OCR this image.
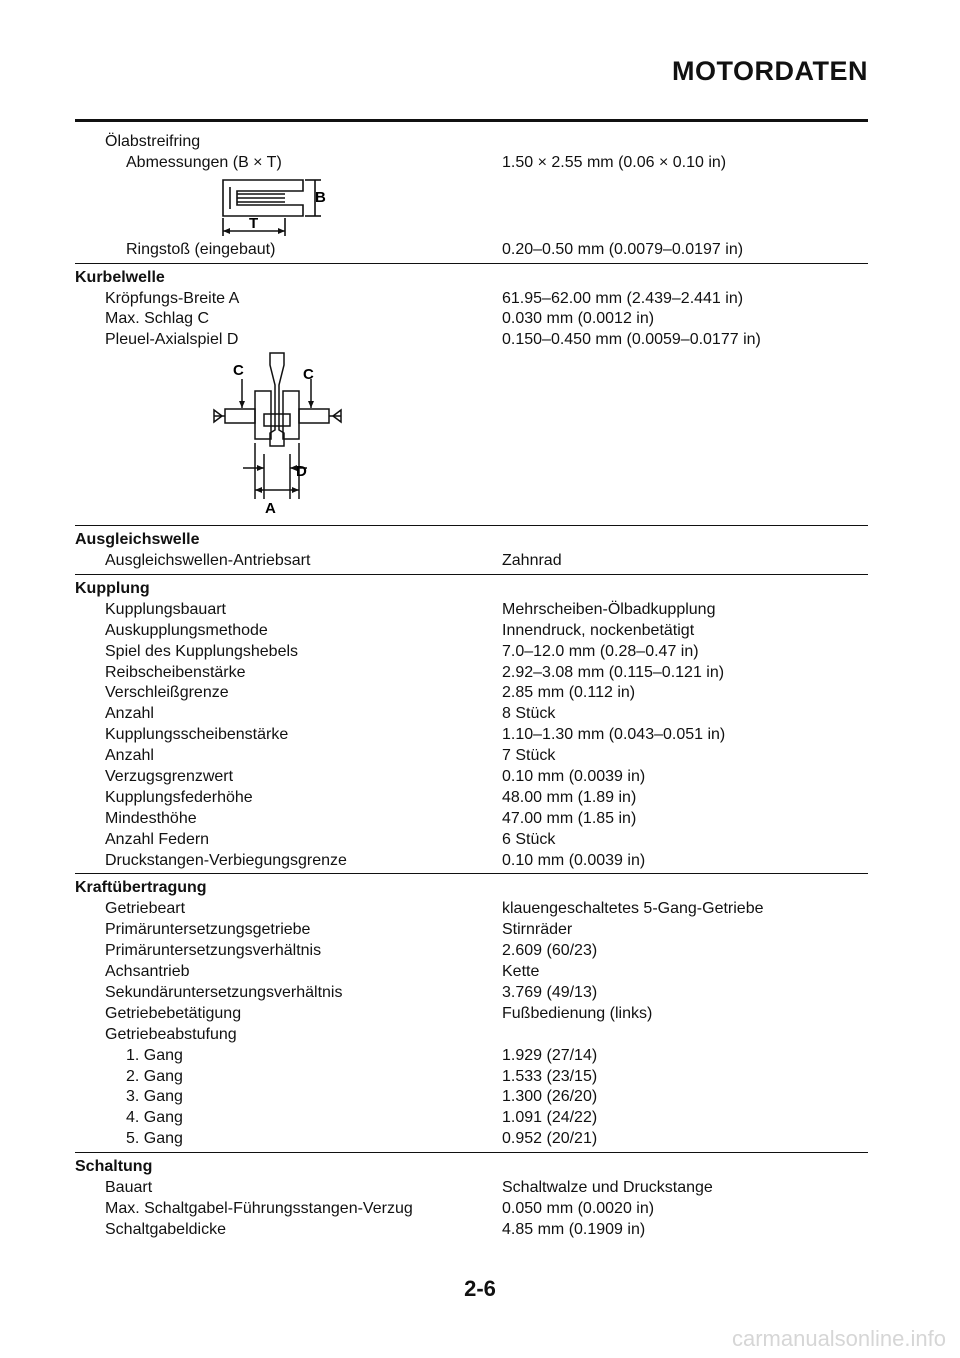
MOTORDATEN
Ölabstreifring
Abmessungen (B × T)	1.50 × 2.55 mm (0.06 × 0.10 in)
B
T
Ringstoß (eingebaut)	0.20–0.50 mm (0.0079–0.0197 in)
Kurbelwelle
Kröpfungs-Breite A	61.95–62.00 mm (2.439–2.441 in)
Max. Schlag C	0.030 mm (0.0012 in)
Pleuel-Axialspiel D	0.150–0.450 mm (0.0059–0.0177 in)
C	C
D
A
Ausgleichswelle
Ausgleichswellen-Antriebsart	Zahnrad
Kupplung
Kupplungsbauart	Mehrscheiben-Ölbadkupplung
Auskupplungsmethode	Innendruck, nockenbetätigt
Spiel des Kupplungshebels	7.0–12.0 mm (0.28–0.47 in)
Reibscheibenstärke	2.92–3.08 mm (0.115–0.121 in)
Verschleißgrenze	2.85 mm (0.112 in)
Anzahl	8 Stück
Kupplungsscheibenstärke	1.10–1.30 mm (0.043–0.051 in)
Anzahl	7 Stück
Verzugsgrenzwert	0.10 mm (0.0039 in)
Kupplungsfederhöhe	48.00 mm (1.89 in)
Mindesthöhe	47.00 mm (1.85 in)
Anzahl Federn	6 Stück
Druckstangen-Verbiegungsgrenze	0.10 mm (0.0039 in)
Kraftübertragung
Getriebeart	klauengeschaltetes 5-Gang-Getriebe
Primäruntersetzungsgetriebe	Stirnräder
Primäruntersetzungsverhältnis	2.609 (60/23)
Achsantrieb	Kette
Sekundäruntersetzungsverhältnis	3.769 (49/13)
Getriebebetätigung	Fußbedienung (links)
Getriebeabstufung
1. Gang	1.929 (27/14)
2. Gang	1.533 (23/15)
3. Gang	1.300 (26/20)
4. Gang	1.091 (24/22)
5. Gang	0.952 (20/21)
Schaltung
Bauart	Schaltwalze und Druckstange
Max. Schaltgabel-Führungsstangen-Verzug	0.050 mm (0.0020 in)
Schaltgabeldicke	4.85 mm (0.1909 in)
2-6
carmanualsonline.info
